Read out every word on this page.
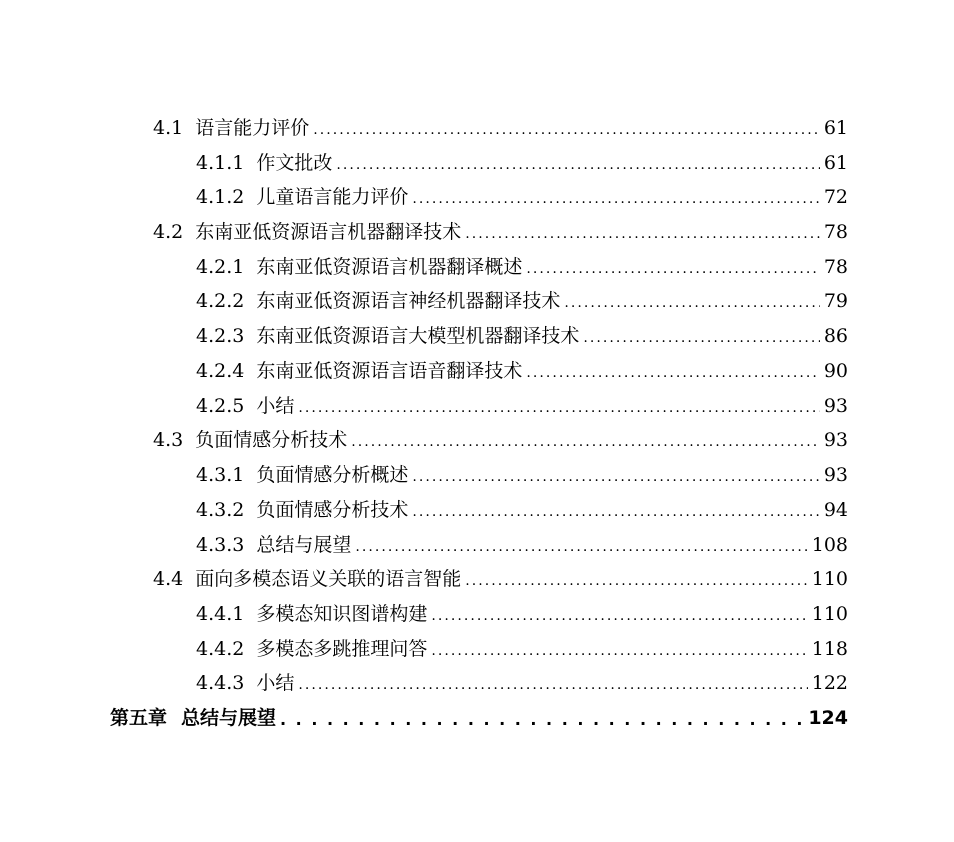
4.1 语言能力评价 . . .	61
4.1.1 作文批改 . . .	61
4.1.2 儿童语言能力评价 . . .	72
4.2 东南亚低资源语言机器翻译技术 . . .	78
4.2.1 东南亚低资源语言机器翻译概述 . . .	78
4.2.2 东南亚低资源语言神经机器翻译技术 . . .	79
4.2.3 东南亚低资源语言大模型机器翻译技术 . . .	86
4.2.4 东南亚低资源语言语音翻译技术 . . .	90
4.2.5 小结 . . .	93
4.3 负面情感分析技术 . . .	93
4.3.1 负面情感分析概述 . . .	93
4.3.2 负面情感分析技术 . . .	94
4.3.3 总结与展望 . . .	108
4.4 面向多模态语义关联的语言智能 . . .	110
4.4.1 多模态知识图谱构建 . . .	110
4.4.2 多模态多跳推理问答 . . .	118
4.4.3 小结 . . .	122
第五章 总结与展望 . . .	124
